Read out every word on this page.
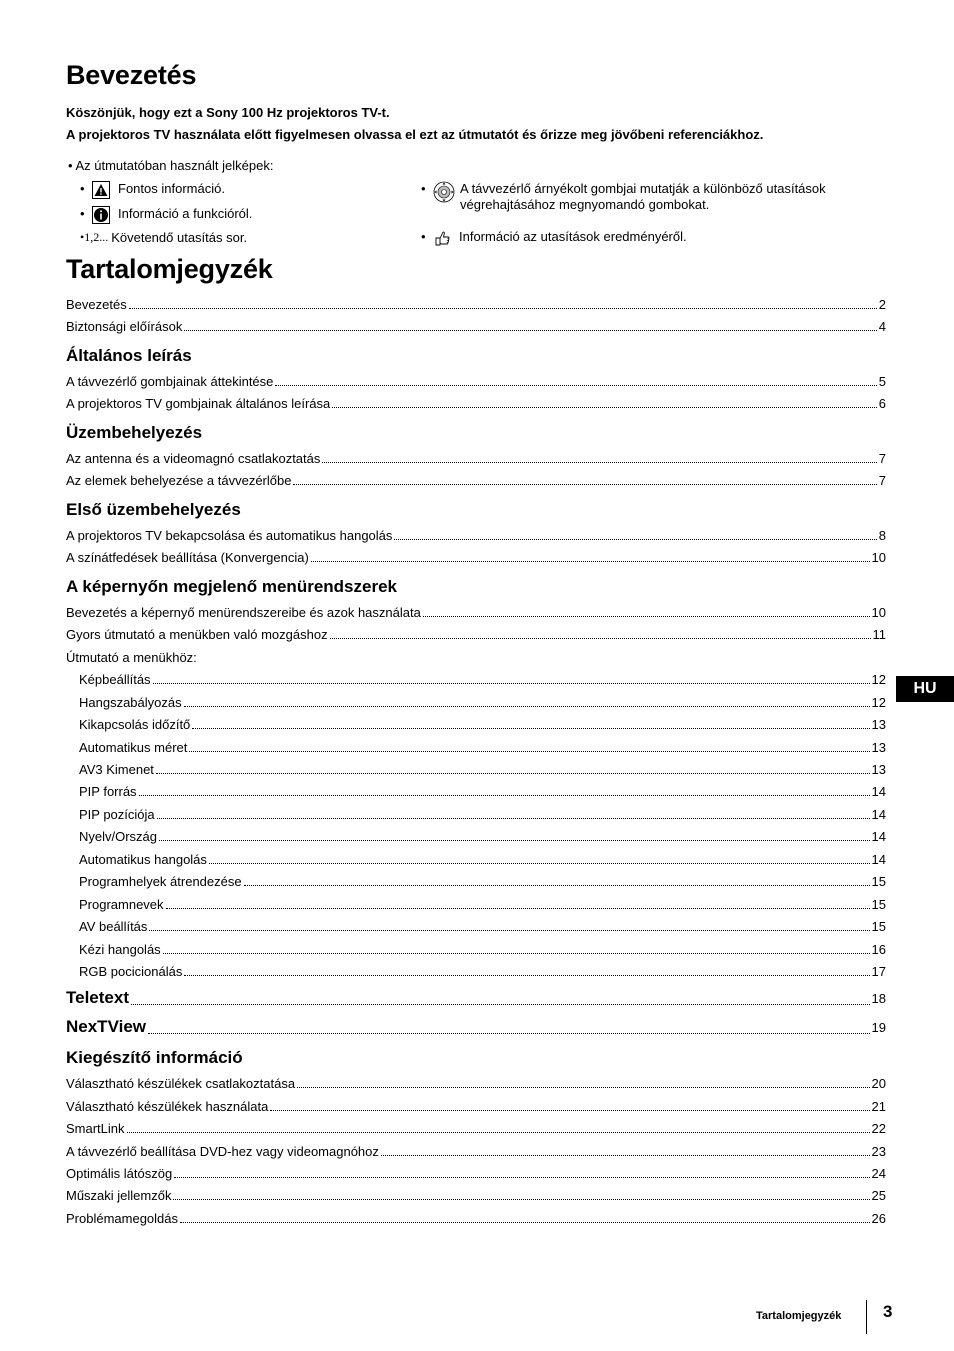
Bevezetés
Köszönjük, hogy ezt a Sony 100 Hz projektoros TV-t.
A projektoros TV használata előtt figyelmesen olvassa el ezt az útmutatót és őrizze meg jövőbeni referenciákhoz.
• Az útmutatóban használt jelképek:
•	Fontos információ.
•	Információ a funkcióról.
•1,2... Követendő utasítás sor.
•	A távvezérlő árnyékolt gombjai mutatják a különböző utasítások
végrehajtásához megnyomandó gombokat.
•	Információ az utasítások eredményéről.
Tartalomjegyzék
Bevezetés	2
Biztonsági előírások	4
Általános leírás
A távvezérlő gombjainak áttekintése	5
A projektoros TV gombjainak általános leírása	6
Üzembehelyezés
Az antenna és a videomagnó csatlakoztatás	7
Az elemek behelyezése a távvezérlőbe	7
Első üzembehelyezés
A projektoros TV bekapcsolása és automatikus hangolás	8
A színátfedések beállítása (Konvergencia)	10
A képernyőn megjelenő menürendszerek
Bevezetés a képernyő menürendszereibe és azok használata	10
Gyors útmutató a menükben való mozgáshoz	11
Útmutató a menükhöz:
Képbeállítás	12
Hangszabályozás	12
Kikapcsolás időzítő	13
Automatikus méret	13
AV3 Kimenet	13
PIP forrás	14
PIP pozíciója	14
Nyelv/Ország	14
Automatikus hangolás	14
Programhelyek átrendezése	15
Programnevek	15
AV beállítás	15
Kézi hangolás	16
RGB pocicionálás	17
Teletext	18
NexTView	19
Kiegészítő információ
Választható készülékek csatlakoztatása	20
Választható készülékek használata	21
SmartLink	22
A távvezérlő beállítása DVD-hez vagy videomagnóhoz	23
Optimális látószög	24
Műszaki jellemzők	25
Problémamegoldás	26
HU
Tartalomjegyzék 3
